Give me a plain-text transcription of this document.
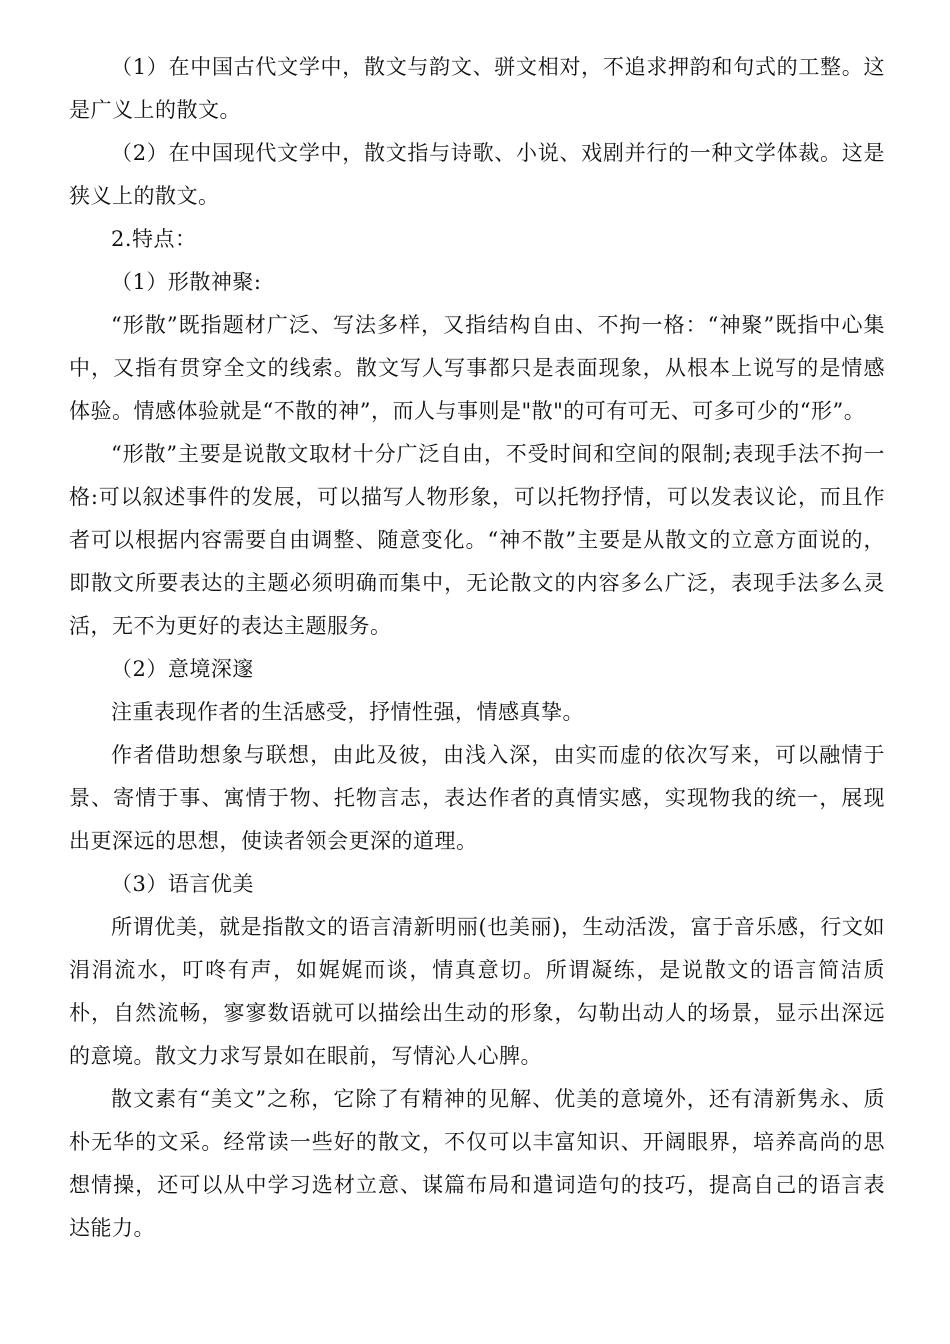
（1）在中国古代文学中，散文与韵文、骈文相对，不追求押韵和句式的工整。这是广义上的散文。

（2）在中国现代文学中，散文指与诗歌、小说、戏剧并行的一种文学体裁。这是狭义上的散文。

2.特点：

（1）形散神聚:

“形散”既指题材广泛、写法多样，又指结构自由、不拘一格：“神聚”既指中心集中，又指有贯穿全文的线索。散文写人写事都只是表面现象，从根本上说写的是情感体验。情感体验就是“不散的神”，而人与事则是"散"的可有可无、可多可少的“形”。

“形散”主要是说散文取材十分广泛自由，不受时间和空间的限制;表现手法不拘一格:可以叙述事件的发展，可以描写人物形象，可以托物抒情，可以发表议论，而且作者可以根据内容需要自由调整、随意变化。“神不散”主要是从散文的立意方面说的，即散文所要表达的主题必须明确而集中，无论散文的内容多么广泛，表现手法多么灵活，无不为更好的表达主题服务。

（2）意境深邃

注重表现作者的生活感受，抒情性强，情感真挚。

作者借助想象与联想，由此及彼，由浅入深，由实而虚的依次写来，可以融情于景、寄情于事、寓情于物、托物言志，表达作者的真情实感，实现物我的统一，展现出更深远的思想，使读者领会更深的道理。

（3）语言优美

所谓优美，就是指散文的语言清新明丽(也美丽)，生动活泼，富于音乐感，行文如涓涓流水，叮咚有声，如娓娓而谈，情真意切。所谓凝练，是说散文的语言简洁质朴，自然流畅，寥寥数语就可以描绘出生动的形象，勾勒出动人的场景，显示出深远的意境。散文力求写景如在眼前，写情沁人心脾。

散文素有“美文”之称，它除了有精神的见解、优美的意境外，还有清新隽永、质朴无华的文采。经常读一些好的散文，不仅可以丰富知识、开阔眼界，培养高尚的思想情操，还可以从中学习选材立意、谋篇布局和遣词造句的技巧，提高自己的语言表达能力。
